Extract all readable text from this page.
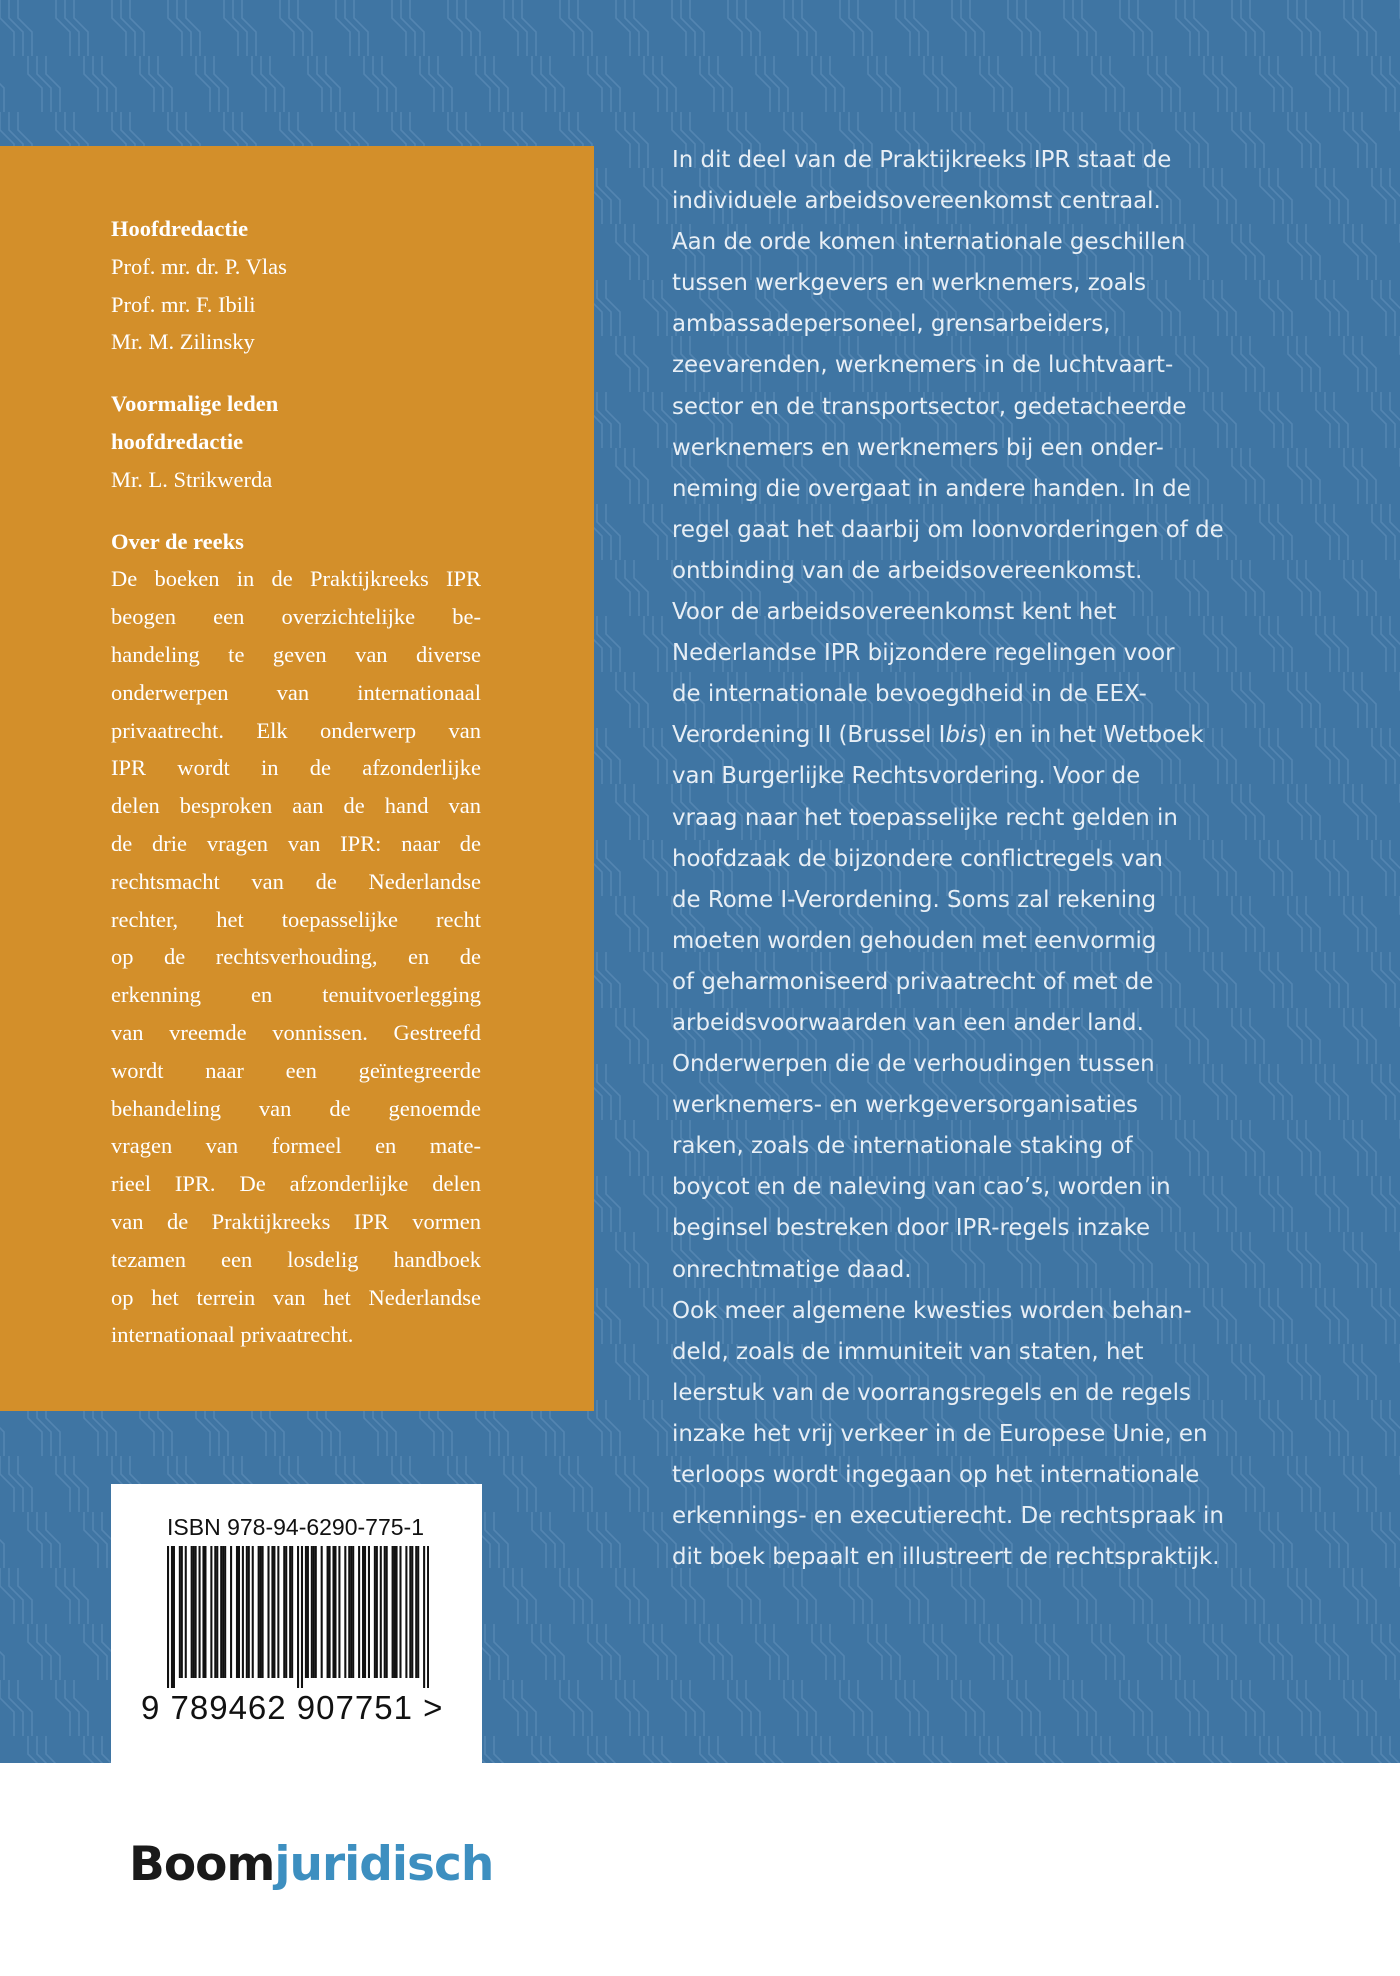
Hoofdredactie
Prof. mr. dr. P. Vlas
Prof. mr. F. Ibili
Mr. M. Zilinsky
Voormalige leden
hoofdredactie
Mr. L. Strikwerda
Over de reeks
De boeken in de Praktijkreeks IPR
beogen een overzichtelijke be-
handeling te geven van diverse
onderwerpen van internationaal
privaatrecht. Elk onderwerp van
IPR wordt in de afzonderlijke
delen besproken aan de hand van
de drie vragen van IPR: naar de
rechtsmacht van de Nederlandse
rechter, het toepasselijke recht
op de rechtsverhouding, en de
erkenning en tenuitvoerlegging
van vreemde vonnissen. Gestreefd
wordt naar een geïntegreerde
behandeling van de genoemde
vragen van formeel en mate-
rieel IPR. De afzonderlijke delen
van de Praktijkreeks IPR vormen
tezamen een losdelig handboek
op het terrein van het Nederlandse
internationaal privaatrecht.
In dit deel van de Praktijkreeks IPR staat de
individuele arbeidsovereenkomst centraal.
Aan de orde komen internationale geschillen
tussen werkgevers en werknemers, zoals
ambassadepersoneel, grensarbeiders,
zeevarenden, werknemers in de luchtvaart-
sector en de transportsector, gedetacheerde
werknemers en werknemers bij een onder-
neming die overgaat in andere handen. In de
regel gaat het daarbij om loonvorderingen of de
ontbinding van de arbeidsovereenkomst.
Voor de arbeidsovereenkomst kent het
Nederlandse IPR bijzondere regelingen voor
de internationale bevoegdheid in de EEX-
Verordening II (Brussel Ibis) en in het Wetboek
van Burgerlijke Rechtsvordering. Voor de
vraag naar het toepasselijke recht gelden in
hoofdzaak de bijzondere conflictregels van
de Rome I-Verordening. Soms zal rekening
moeten worden gehouden met eenvormig
of geharmoniseerd privaatrecht of met de
arbeidsvoorwaarden van een ander land.
Onderwerpen die de verhoudingen tussen
werknemers- en werkgeversorganisaties
raken, zoals de internationale staking of
boycot en de naleving van cao’s, worden in
beginsel bestreken door IPR-regels inzake
onrechtmatige daad.
Ook meer algemene kwesties worden behan-
deld, zoals de immuniteit van staten, het
leerstuk van de voorrangsregels en de regels
inzake het vrij verkeer in de Europese Unie, en
terloops wordt ingegaan op het internationale
erkennings- en executierecht. De rechtspraak in
dit boek bepaalt en illustreert de rechtspraktijk.
ISBN 978-94-6290-775-1
9 789462 907751 >
Boomjuridisch
